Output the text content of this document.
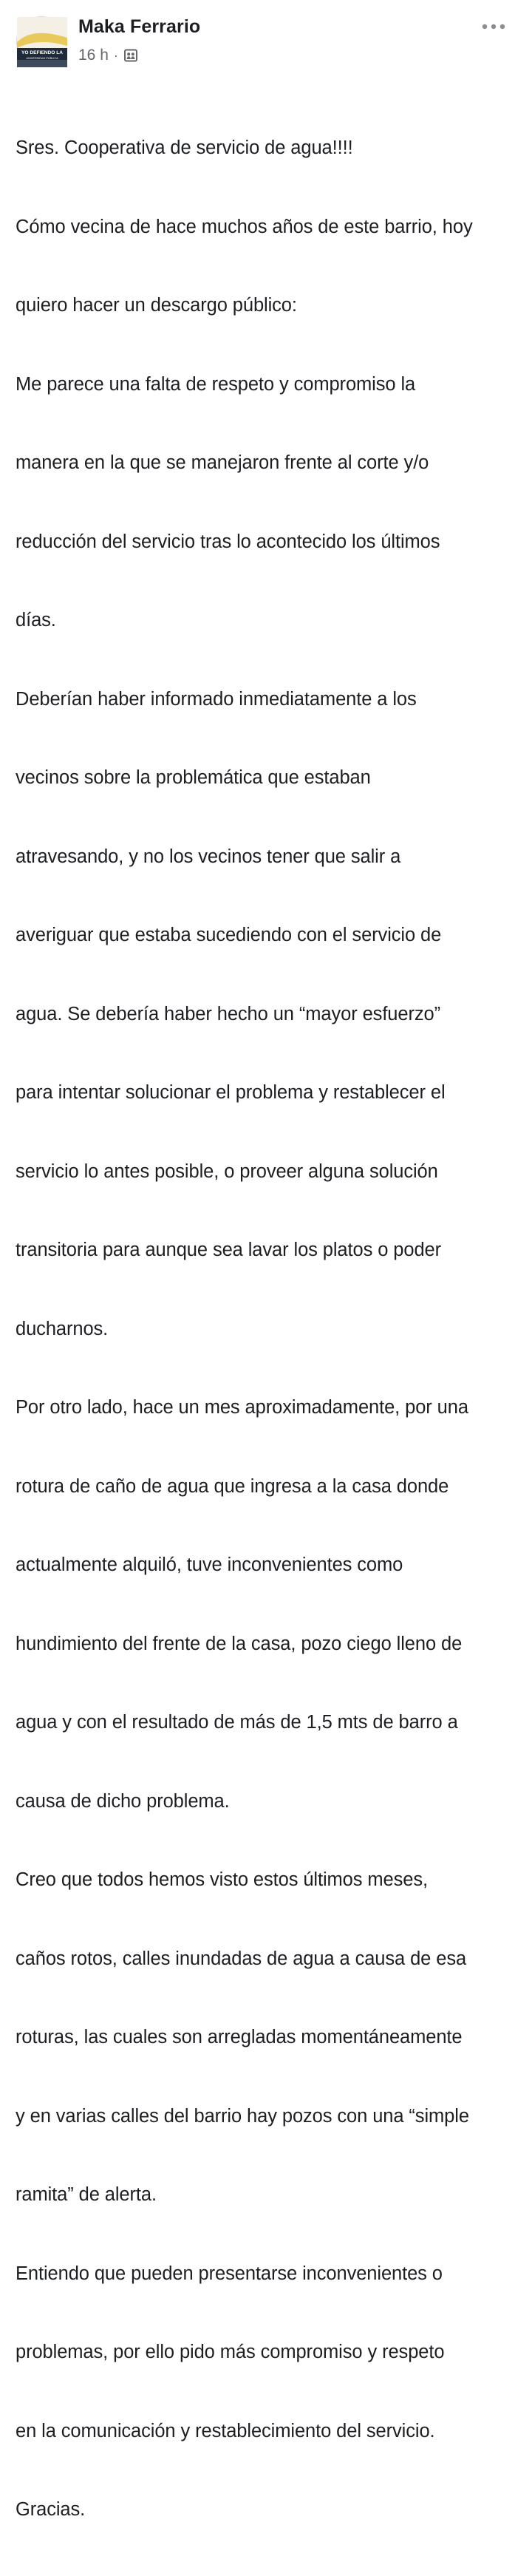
YO DEFIENDO LA
UNIVERSIDAD PÚBLICA
Maka Ferrario
16 h ·

Sres. Cooperativa de servicio de agua!!!!

Cómo vecina de hace muchos años de este barrio, hoy

quiero hacer un descargo público:

Me parece una falta de respeto y compromiso la

manera en la que se manejaron frente al corte y/o

reducción del servicio tras lo acontecido los últimos

días.

Deberían haber informado inmediatamente a los

vecinos sobre la problemática que estaban

atravesando, y no los vecinos tener que salir a

averiguar que estaba sucediendo con el servicio de

agua. Se debería haber hecho un “mayor esfuerzo”

para intentar solucionar el problema y restablecer el

servicio lo antes posible, o proveer alguna solución

transitoria para aunque sea lavar los platos o poder

ducharnos.

Por otro lado, hace un mes aproximadamente, por una

rotura de caño de agua que ingresa a la casa donde

actualmente alquiló, tuve inconvenientes como

hundimiento del frente de la casa, pozo ciego lleno de

agua y con el resultado de más de 1,5 mts de barro a

causa de dicho problema.

Creo que todos hemos visto estos últimos meses,

caños rotos, calles inundadas de agua a causa de esa

roturas, las cuales son arregladas momentáneamente

y en varias calles del barrio hay pozos con una “simple

ramita” de alerta.

Entiendo que pueden presentarse inconvenientes o

problemas, por ello pido más compromiso y respeto

en la comunicación y restablecimiento del servicio.

Gracias.
